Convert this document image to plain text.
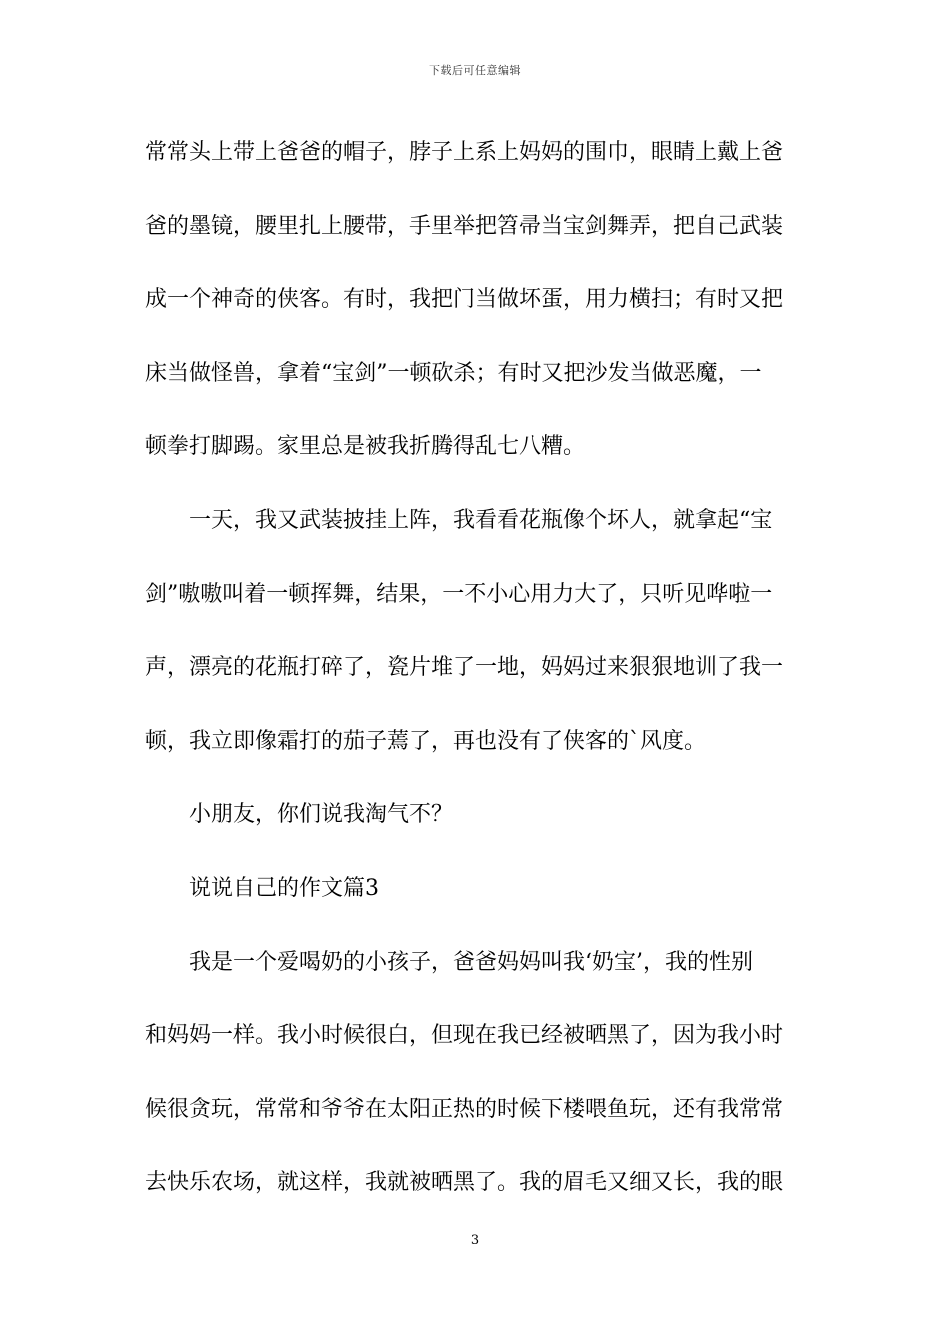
下载后可任意编辑
常常头上带上爸爸的帽子，脖子上系上妈妈的围巾，眼睛上戴上爸
爸的墨镜，腰里扎上腰带，手里举把笤帚当宝剑舞弄，把自己武装
成一个神奇的侠客。有时，我把门当做坏蛋，用力横扫；有时又把
床当做怪兽，拿着“宝剑”一顿砍杀；有时又把沙发当做恶魔，一
顿拳打脚踢。家里总是被我折腾得乱七八糟。
一天，我又武装披挂上阵，我看看花瓶像个坏人，就拿起“宝
剑”嗷嗷叫着一顿挥舞，结果，一不小心用力大了，只听见哗啦一
声，漂亮的花瓶打碎了，瓷片堆了一地，妈妈过来狠狠地训了我一
顿，我立即像霜打的茄子蔫了，再也没有了侠客的`风度。
小朋友，你们说我淘气不？
说说自己的作文篇3
我是一个爱喝奶的小孩子，爸爸妈妈叫我‘奶宝’，我的性别
和妈妈一样。我小时候很白，但现在我已经被晒黑了，因为我小时
候很贪玩，常常和爷爷在太阳正热的时候下楼喂鱼玩，还有我常常
去快乐农场，就这样，我就被晒黑了。我的眉毛又细又长，我的眼
3
